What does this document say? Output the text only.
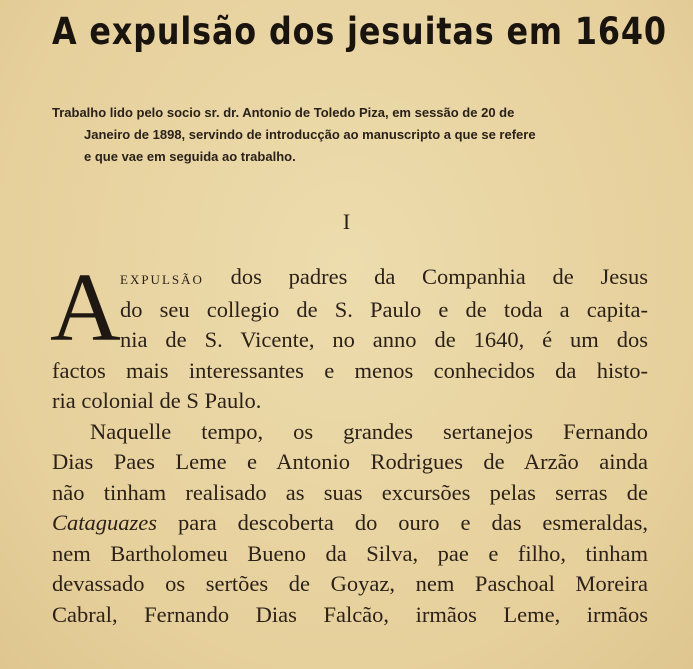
A expulsão dos jesuitas em 1640

Trabalho lido pelo socio sr. dr. Antonio de Toledo Piza, em sessão de 20 de
Janeiro de 1898, servindo de introducção ao manuscripto a que se refere
e que vae em seguida ao trabalho.

I

A expulsão dos padres da Companhia de Jesus
do seu collegio de S. Paulo e de toda a capita-
nia de S. Vicente, no anno de 1640, é um dos
factos mais interessantes e menos conhecidos da histo-
ria colonial de S Paulo.
Naquelle tempo, os grandes sertanejos Fernando
Dias Paes Leme e Antonio Rodrigues de Arzão ainda
não tinham realisado as suas excursões pelas serras de
Cataguazes para descoberta do ouro e das esmeraldas,
nem Bartholomeu Bueno da Silva, pae e filho, tinham
devassado os sertões de Goyaz, nem Paschoal Moreira
Cabral, Fernando Dias Falcão, irmãos Leme, irmãos
